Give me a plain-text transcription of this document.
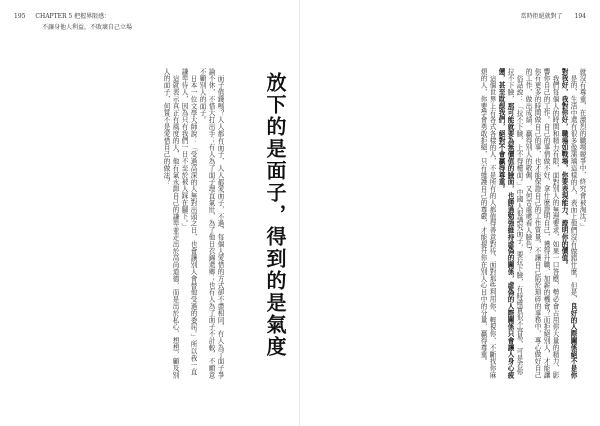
195 CHAPTER 5 把握界限感：
不讓身他人利益，不敗壞自己立場
當時拒絕就對了 194

就沒有尊重，在激烈的職場競爭中，終究會被淘汰。」

是的，生活中還有很多像蒲瑀這樣的人，表面上他們沒有做錯什麼，但是，良好的人際關係絕不是你對我好，我對你好，職場如戰場，你要表現能力，證明你的價值。

我們每個人的時間和精力有限，面對別人的無理要求，如果一口答應，勢必會占用你大量的精力，影響你自己的工作。自己的事情做不好，拿什麼證明自己，獲得升職、加薪的機會？而拒絕別人，才能讓你有更多的時間做自己的事，也才能保證自己的工作質量，不讓自己陷於瑣碎的事務中，專心做好自己的工作，做出成績，贏得別人的敬佩，又何苦處處看人臉色？

俗話說：「拉不下臉，上不得檯面。」中國人很講究面子，要拉下臉，有時確實很不容易，可是若你拉不下臉，那可能就要為無價值的臉面，也勝過勉強維持虛偽的關係，虛偽的人際關係只會讓人身心疲憊，甚至耽誤我們，絕對不會贏得尊重。

這個世界上有各式各樣的人，不是所有的人都值得善意對待，面對那些利用你、輕視你、不斷找你麻煩的人，你要學會勇敢拒絕，只有維護自己的尊嚴，才能提升你在別人心目中的分量，贏得尊重。

放下的是面子，得到的是氣度

面子值錢嗎？人人都有面子，人人都愛面子，不過，每個人愛惜的方式卻不盡相同，有人為了面子爭論不休，不惜大打出手；有人為了面子理直氣壯，為了他日衣錦還鄉；也有人為了面子不計較，不願意不顧別人的面子。

日本一位文學大師說：「受過高深的人無對出頭之日，也會讓別人會替他受過的委屈。」所以我一直謙卑待人，因為只有我們一日不至於被人踩在腳下。」

這就表示真正有風度的人，他有氣永卸自己的謙卑並走出於高尚道德，而是出於私心，想想，顧及別人的面子，何嘗不是愛惜自己的做法？
